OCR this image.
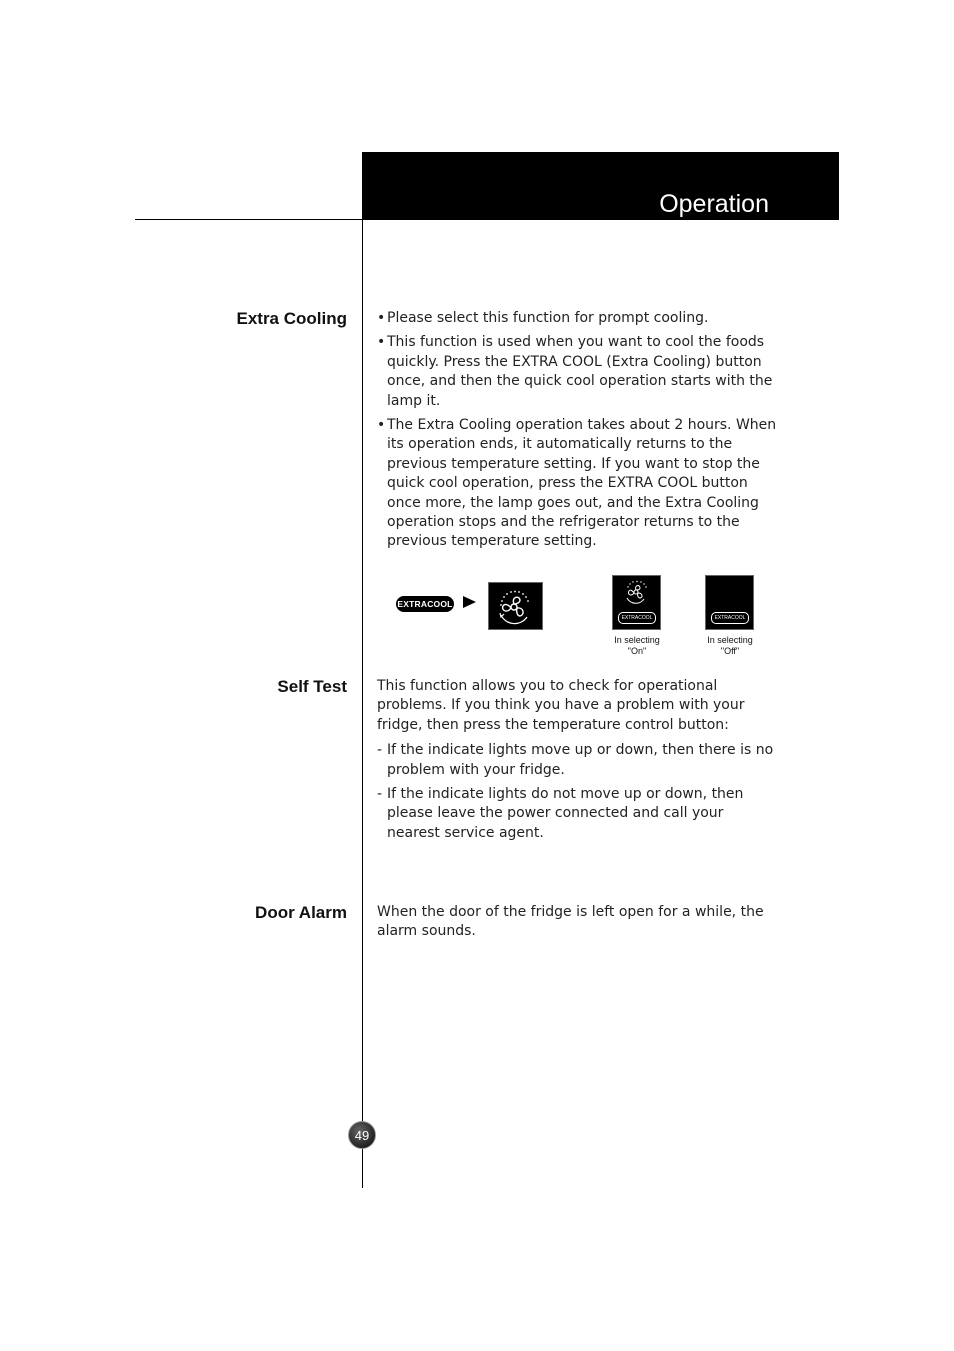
Operation
Extra Cooling
•	Please select this function for prompt cooling.
• This function is used when you want to cool the foods quickly. Press the EXTRA COOL (Extra Cooling) button once, and then the quick cool operation starts with the lamp it.
• The Extra Cooling operation takes about 2 hours. When its operation ends, it automatically returns to the previous temperature setting. If you want to stop the quick cool operation, press the EXTRA COOL button once more, the lamp goes out, and the Extra Cooling operation stops and the refrigerator returns to the previous temperature setting.
EXTRACOOL
EXTRACOOL
In selecting
"On"
EXTRACOOL
In selecting
"Off"
Self Test This function allows you to check for operational problems. If you think you have a problem with your fridge, then press the temperature control button:

- If the indicate lights move up or down, then there is no problem with your fridge.
- If the indicate lights do not move up or down, then please leave the power connected and call your nearest service agent.
Door Alarm When the door of the fridge is left open for a while, the alarm sounds.

49
